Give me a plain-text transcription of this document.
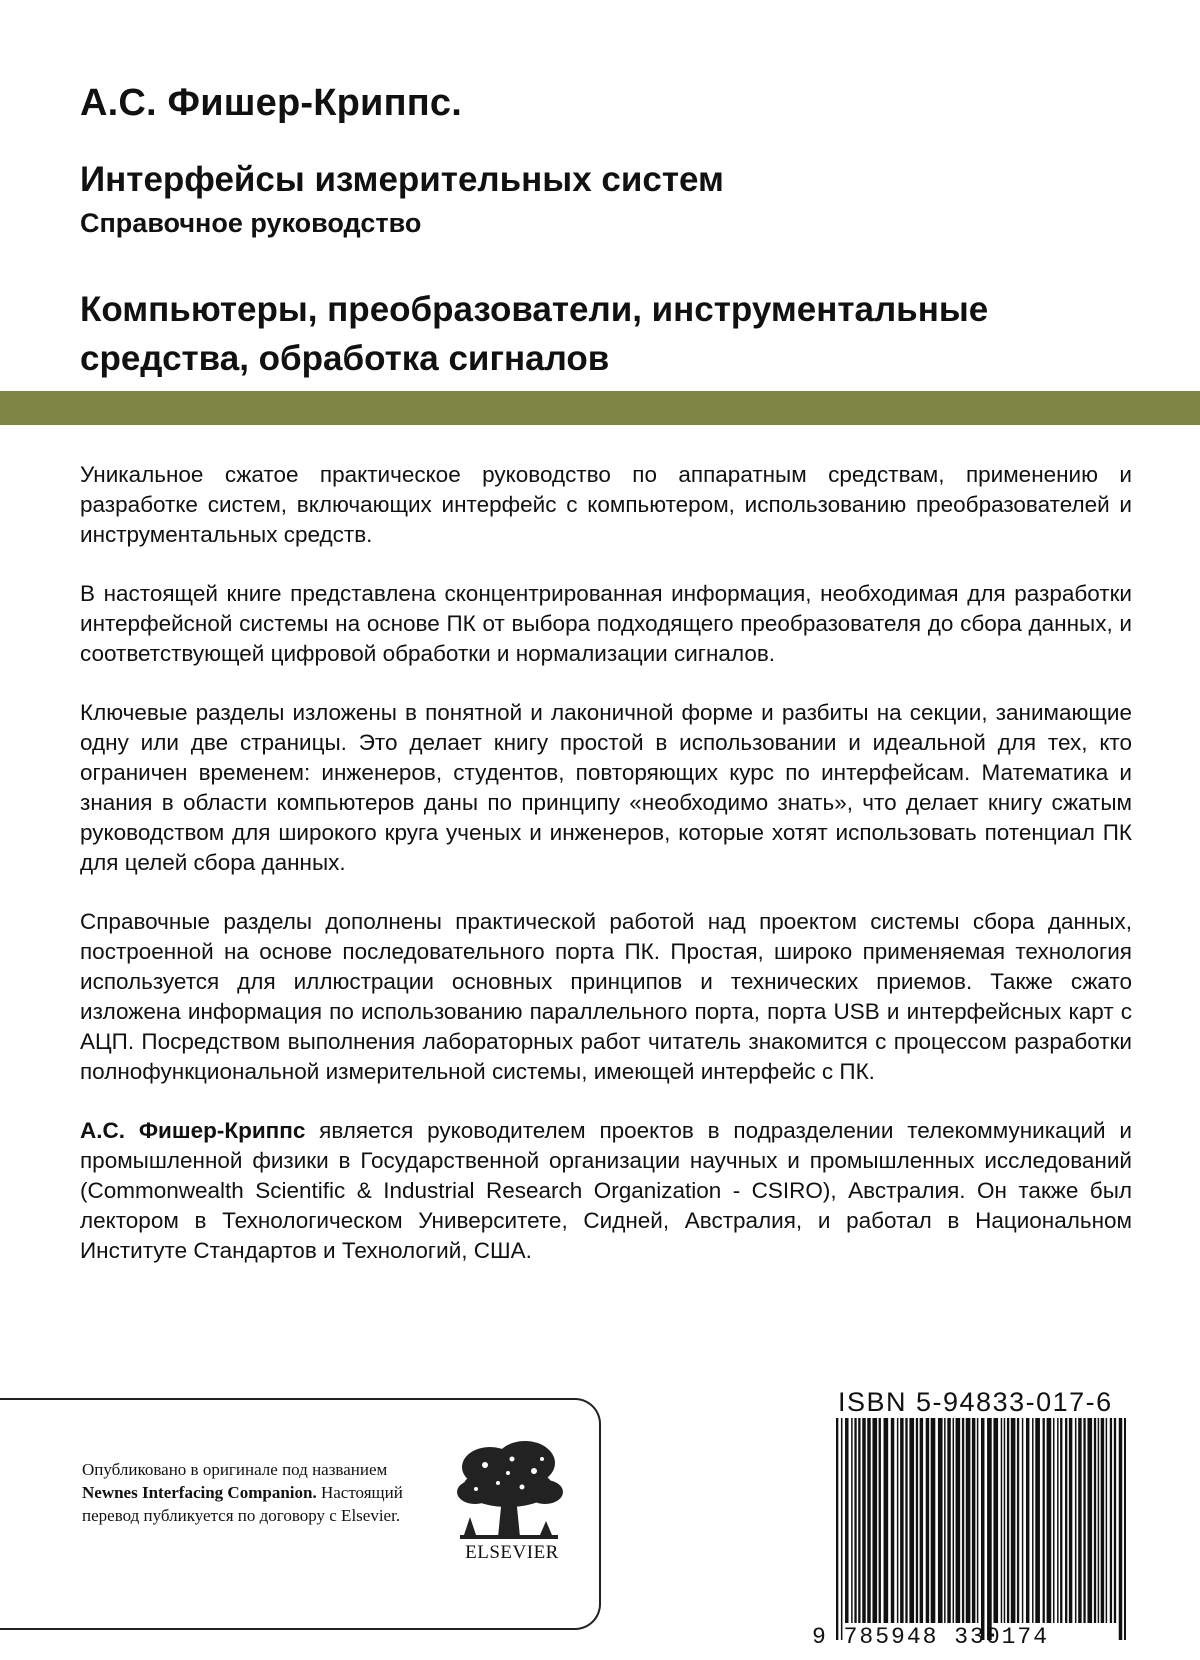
А.С. Фишер-Криппс.
Интерфейсы измерительных систем
Справочное руководство
Компьютеры, преобразователи, инструментальные
средства, обработка сигналов

Уникальное сжатое практическое руководство по аппаратным средствам, применению и разработке систем, включающих интерфейс с компьютером, использованию преобразователей и инструментальных средств.

В настоящей книге представлена сконцентрированная информация, необходимая для разработки интерфейсной системы на основе ПК от выбора подходящего преобразователя до сбора данных, и соответствующей цифровой обработки и нормализации сигналов.

Ключевые разделы изложены в понятной и лаконичной форме и разбиты на секции, занимающие одну или две страницы. Это делает книгу простой в использовании и идеальной для тех, кто ограничен временем: инженеров, студентов, повторяющих курс по интерфейсам. Математика и знания в области компьютеров даны по принципу «необходимо знать», что делает книгу сжатым руководством для широкого круга ученых и инженеров, которые хотят использовать потенциал ПК для целей сбора данных.

Справочные разделы дополнены практической работой над проектом системы сбора данных, построенной на основе последовательного порта ПК. Простая, широко применяемая технология используется для иллюстрации основных принципов и технических приемов. Также сжато изложена информация по использованию параллельного порта, порта USB и интерфейсных карт с АЦП. Посредством выполнения лабораторных работ читатель знакомится с процессом разработки полнофункциональной измерительной системы, имеющей интерфейс с ПК.

А.С. Фишер-Криппс является руководителем проектов в подразделении телекоммуникаций и промышленной физики в Государственной организации научных и промышленных исследований (Commonwealth Scientific & Industrial Research Organization - CSIRO), Австралия. Он также был лектором в Технологическом Университете, Сидней, Австралия, и работал в Национальном Институте Стандартов и Технологий, США.

Опубликовано в оригинале под названием Newnes Interfacing Companion. Настоящий перевод публикуется по договору с Elsevier.
ELSEVIER
ISBN 5-94833-017-6
9 785948 330174
